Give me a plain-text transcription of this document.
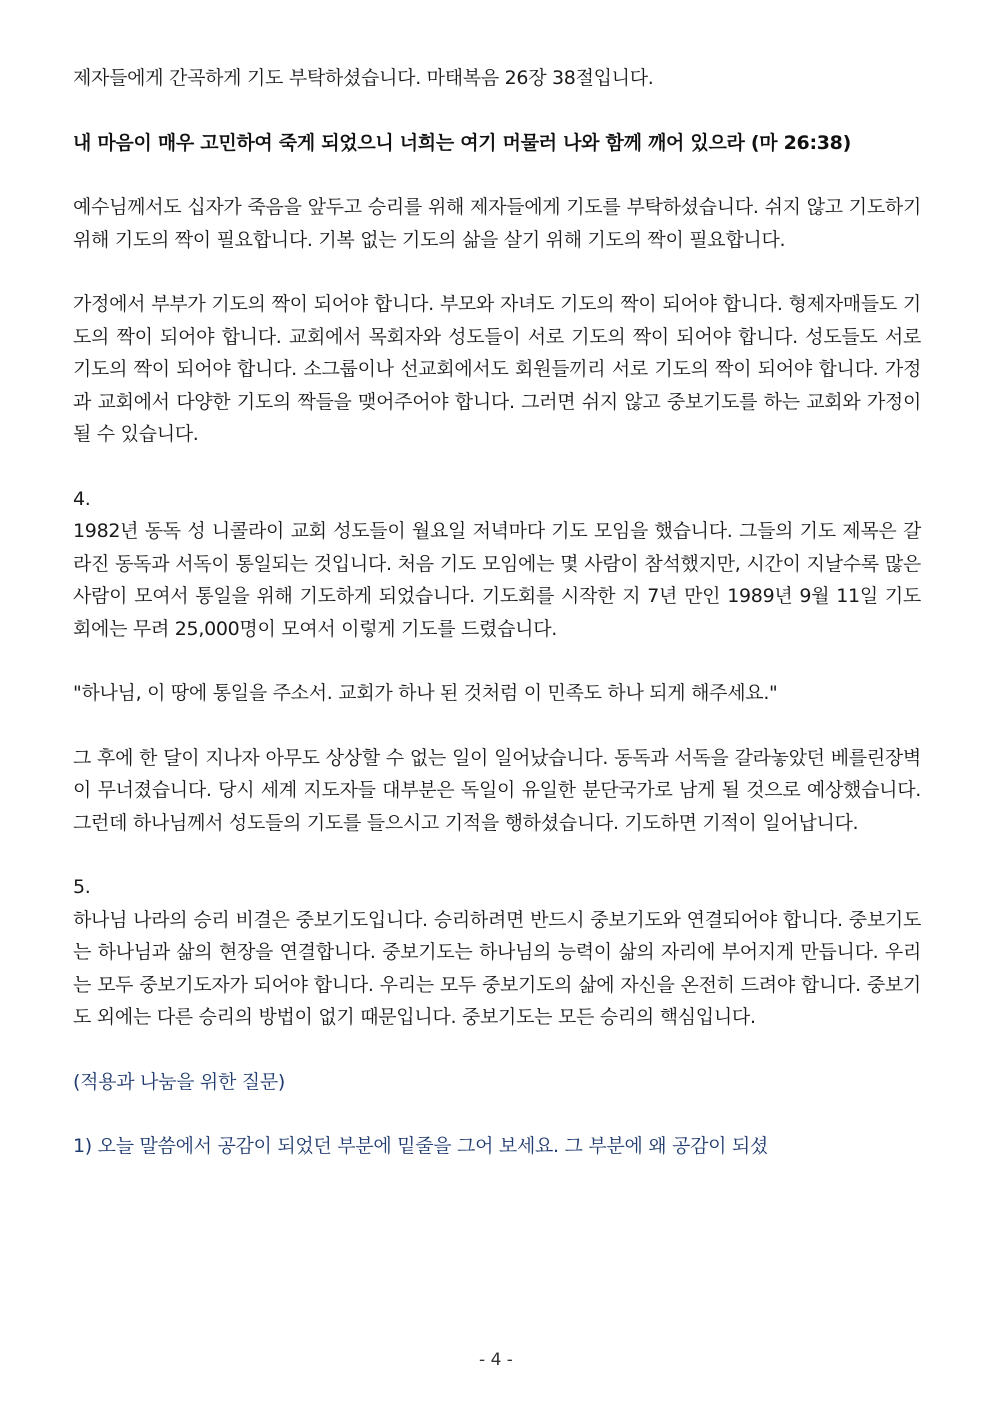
제자들에게 간곡하게 기도 부탁하셨습니다. 마태복음 26장 38절입니다.

내 마음이 매우 고민하여 죽게 되었으니 너희는 여기 머물러 나와 함께 깨어 있으라 (마 26:38)

예수님께서도 십자가 죽음을 앞두고 승리를 위해 제자들에게 기도를 부탁하셨습니다. 쉬지 않고 기도하기 위해 기도의 짝이 필요합니다. 기복 없는 기도의 삶을 살기 위해 기도의 짝이 필요합니다.

가정에서 부부가 기도의 짝이 되어야 합니다. 부모와 자녀도 기도의 짝이 되어야 합니다. 형제자매들도 기도의 짝이 되어야 합니다. 교회에서 목회자와 성도들이 서로 기도의 짝이 되어야 합니다. 성도들도 서로 기도의 짝이 되어야 합니다. 소그룹이나 선교회에서도 회원들끼리 서로 기도의 짝이 되어야 합니다. 가정과 교회에서 다양한 기도의 짝들을 맺어주어야 합니다. 그러면 쉬지 않고 중보기도를 하는 교회와 가정이 될 수 있습니다.

4.

1982년 동독 성 니콜라이 교회 성도들이 월요일 저녁마다 기도 모임을 했습니다. 그들의 기도 제목은 갈라진 동독과 서독이 통일되는 것입니다. 처음 기도 모임에는 몇 사람이 참석했지만, 시간이 지날수록 많은 사람이 모여서 통일을 위해 기도하게 되었습니다. 기도회를 시작한 지 7년 만인 1989년 9월 11일 기도회에는 무려 25,000명이 모여서 이렇게 기도를 드렸습니다.

"하나님, 이 땅에 통일을 주소서. 교회가 하나 된 것처럼 이 민족도 하나 되게 해주세요."

그 후에 한 달이 지나자 아무도 상상할 수 없는 일이 일어났습니다. 동독과 서독을 갈라놓았던 베를린장벽이 무너졌습니다. 당시 세계 지도자들 대부분은 독일이 유일한 분단국가로 남게 될 것으로 예상했습니다. 그런데 하나님께서 성도들의 기도를 들으시고 기적을 행하셨습니다. 기도하면 기적이 일어납니다.

5.

하나님 나라의 승리 비결은 중보기도입니다. 승리하려면 반드시 중보기도와 연결되어야 합니다. 중보기도는 하나님과 삶의 현장을 연결합니다. 중보기도는 하나님의 능력이 삶의 자리에 부어지게 만듭니다. 우리는 모두 중보기도자가 되어야 합니다. 우리는 모두 중보기도의 삶에 자신을 온전히 드려야 합니다. 중보기도 외에는 다른 승리의 방법이 없기 때문입니다. 중보기도는 모든 승리의 핵심입니다.

(적용과 나눔을 위한 질문)

1) 오늘 말씀에서 공감이 되었던 부분에 밑줄을 그어 보세요. 그 부분에 왜 공감이 되셨

- 4 -
